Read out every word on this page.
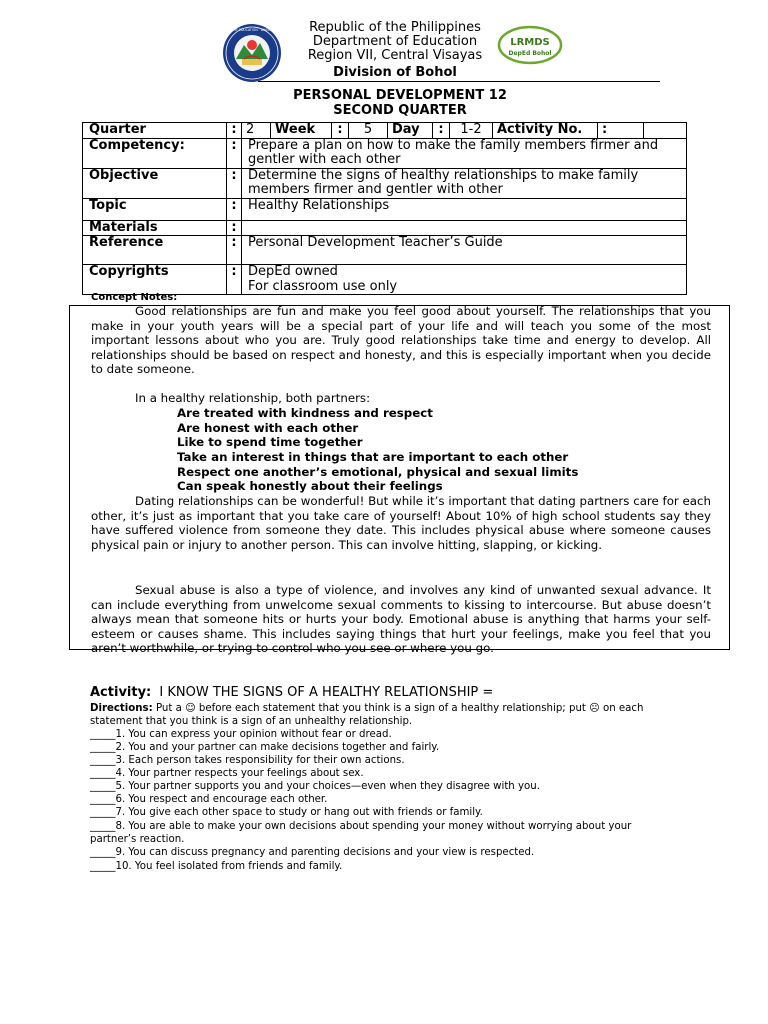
DEPARTMENT OF EDUCATION · DIVISION OF BOHOL	Republic of the Philippines
Department of Education
Region VII, Central Visayas
Division of Bohol
LRMDS
DepEd Bohol
PERSONAL DEVELOPMENT 12
SECOND QUARTER
Quarter	:	2	Week	:	5	Day	:	1-2	Activity No.	:	

Competency:	:	Prepare a plan on how to make the family members firmer and gentler with each other
Objective	:	Determine the signs of healthy relationships to make family members firmer and gentler with other
Topic	:	Healthy Relationships
Materials	:	
Reference	:	Personal Development Teacher’s Guide
Copyrights	:	DepEd owned
For classroom use only
Concept Notes:
Good relationships are fun and make you feel good about yourself. The relationships that you make in your youth years will be a special part of your life and will teach you some of the most important lessons about who you are. Truly good relationships take time and energy to develop. All relationships should be based on respect and honesty, and this is especially important when you decide to date someone.
In a healthy relationship, both partners:
Are treated with kindness and respect
Are honest with each other
Like to spend time together
Take an interest in things that are important to each other
Respect one another’s emotional, physical and sexual limits
Can speak honestly about their feelings
Dating relationships can be wonderful! But while it’s important that dating partners care for each other, it’s just as important that you take care of yourself! About 10% of high school students say they have suffered violence from someone they date. This includes physical abuse where someone causes physical pain or injury to another person. This can involve hitting, slapping, or kicking.
Sexual abuse is also a type of violence, and involves any kind of unwanted sexual advance. It can include everything from unwelcome sexual comments to kissing to intercourse. But abuse doesn’t always mean that someone hits or hurts your body. Emotional abuse is anything that harms your self-esteem or causes shame. This includes saying things that hurt your feelings, make you feel that you aren’t worthwhile, or trying to control who you see or where you go.
Activity: I KNOW THE SIGNS OF A HEALTHY RELATIONSHIP =
Directions: Put a ☺ before each statement that you think is a sign of a healthy relationship; put ☹ on each
statement that you think is a sign of an unhealthy relationship.
_____1. You can express your opinion without fear or dread.
_____2. You and your partner can make decisions together and fairly.
_____3. Each person takes responsibility for their own actions.
_____4. Your partner respects your feelings about sex.
_____5. Your partner supports you and your choices—even when they disagree with you.
_____6. You respect and encourage each other.
_____7. You give each other space to study or hang out with friends or family.
_____8. You are able to make your own decisions about spending your money without worrying about your
partner’s reaction.
_____9. You can discuss pregnancy and parenting decisions and your view is respected.
_____10. You feel isolated from friends and family.
